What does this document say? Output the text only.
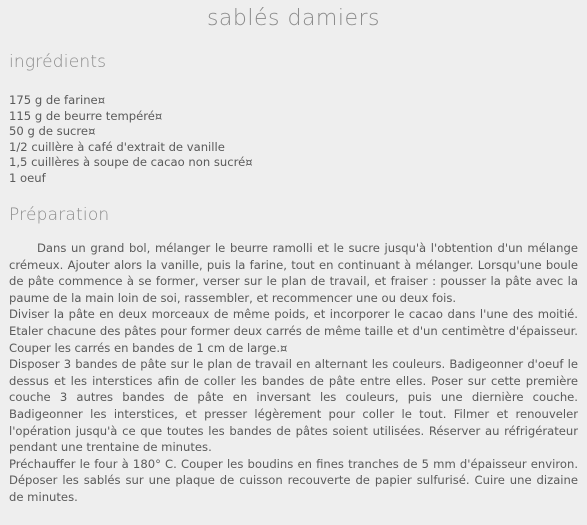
sablés damiers
ingrédients
175 g de farine¤
115 g de beurre tempéré¤
50 g de sucre¤
1/2 cuillère à café d'extrait de vanille
1,5 cuillères à soupe de cacao non sucré¤
1 oeuf
Préparation

Dans un grand bol, mélanger le beurre ramolli et le sucre jusqu'à l'obtention d'un mélange crémeux. Ajouter alors la vanille, puis la farine, tout en continuant à mélanger. Lorsqu'une boule de pâte commence à se former, verser sur le plan de travail, et fraiser : pousser la pâte avec la paume de la main loin de soi, rassembler, et recommencer une ou deux fois.

Diviser la pâte en deux morceaux de même poids, et incorporer le cacao dans l'une des moitié. Etaler chacune des pâtes pour former deux carrés de même taille et d'un centimètre d'épaisseur. Couper les carrés en bandes de 1 cm de large.¤

Disposer 3 bandes de pâte sur le plan de travail en alternant les couleurs. Badigeonner d'oeuf le dessus et les interstices afin de coller les bandes de pâte entre elles. Poser sur cette première couche 3 autres bandes de pâte en inversant les couleurs, puis une diernière couche. Badigeonner les interstices, et presser légèrement pour coller le tout. Filmer et renouveler l'opération jusqu'à ce que toutes les bandes de pâtes soient utilisées. Réserver au réfrigérateur pendant une trentaine de minutes.

Préchauffer le four à 180° C. Couper les boudins en fines tranches de 5 mm d'épaisseur environ. Déposer les sablés sur une plaque de cuisson recouverte de papier sulfurisé. Cuire une dizaine de minutes.
